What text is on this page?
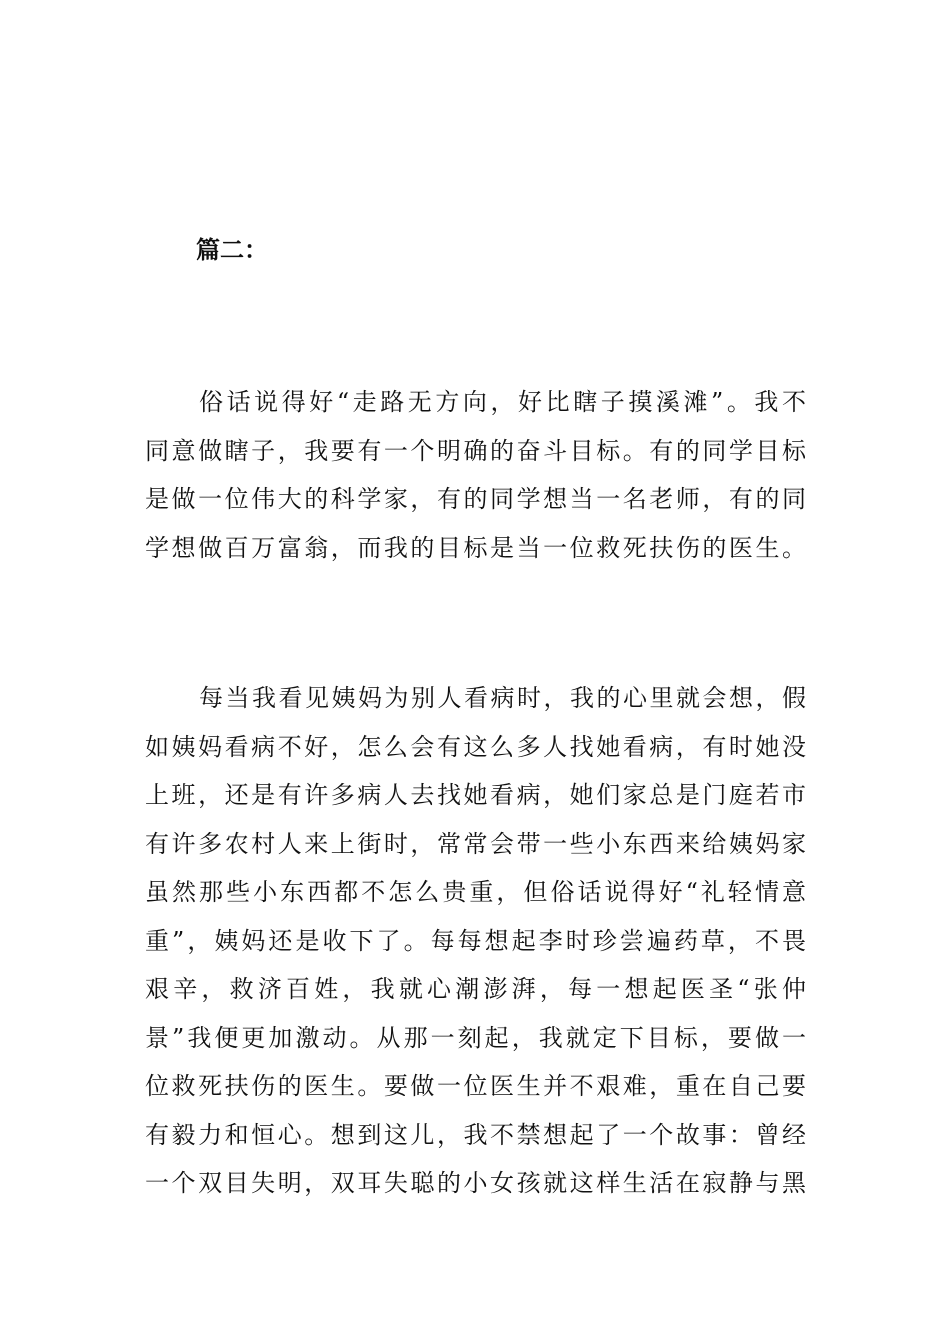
篇二：

俗话说得好“走路无方向，好比瞎子摸溪滩”。我不
同意做瞎子，我要有一个明确的奋斗目标。有的同学目标
是做一位伟大的科学家，有的同学想当一名老师，有的同
学想做百万富翁，而我的目标是当一位救死扶伤的医生。

每当我看见姨妈为别人看病时，我的心里就会想，假
如姨妈看病不好，怎么会有这么多人找她看病，有时她没
上班，还是有许多病人去找她看病，她们家总是门庭若市
有许多农村人来上街时，常常会带一些小东西来给姨妈家
虽然那些小东西都不怎么贵重，但俗话说得好“礼轻情意
重”，姨妈还是收下了。每每想起李时珍尝遍药草，不畏
艰辛，救济百姓，我就心潮澎湃，每一想起医圣“张仲
景”我便更加激动。从那一刻起，我就定下目标，要做一
位救死扶伤的医生。要做一位医生并不艰难，重在自己要
有毅力和恒心。想到这儿，我不禁想起了一个故事：曾经
一个双目失明，双耳失聪的小女孩就这样生活在寂静与黑
